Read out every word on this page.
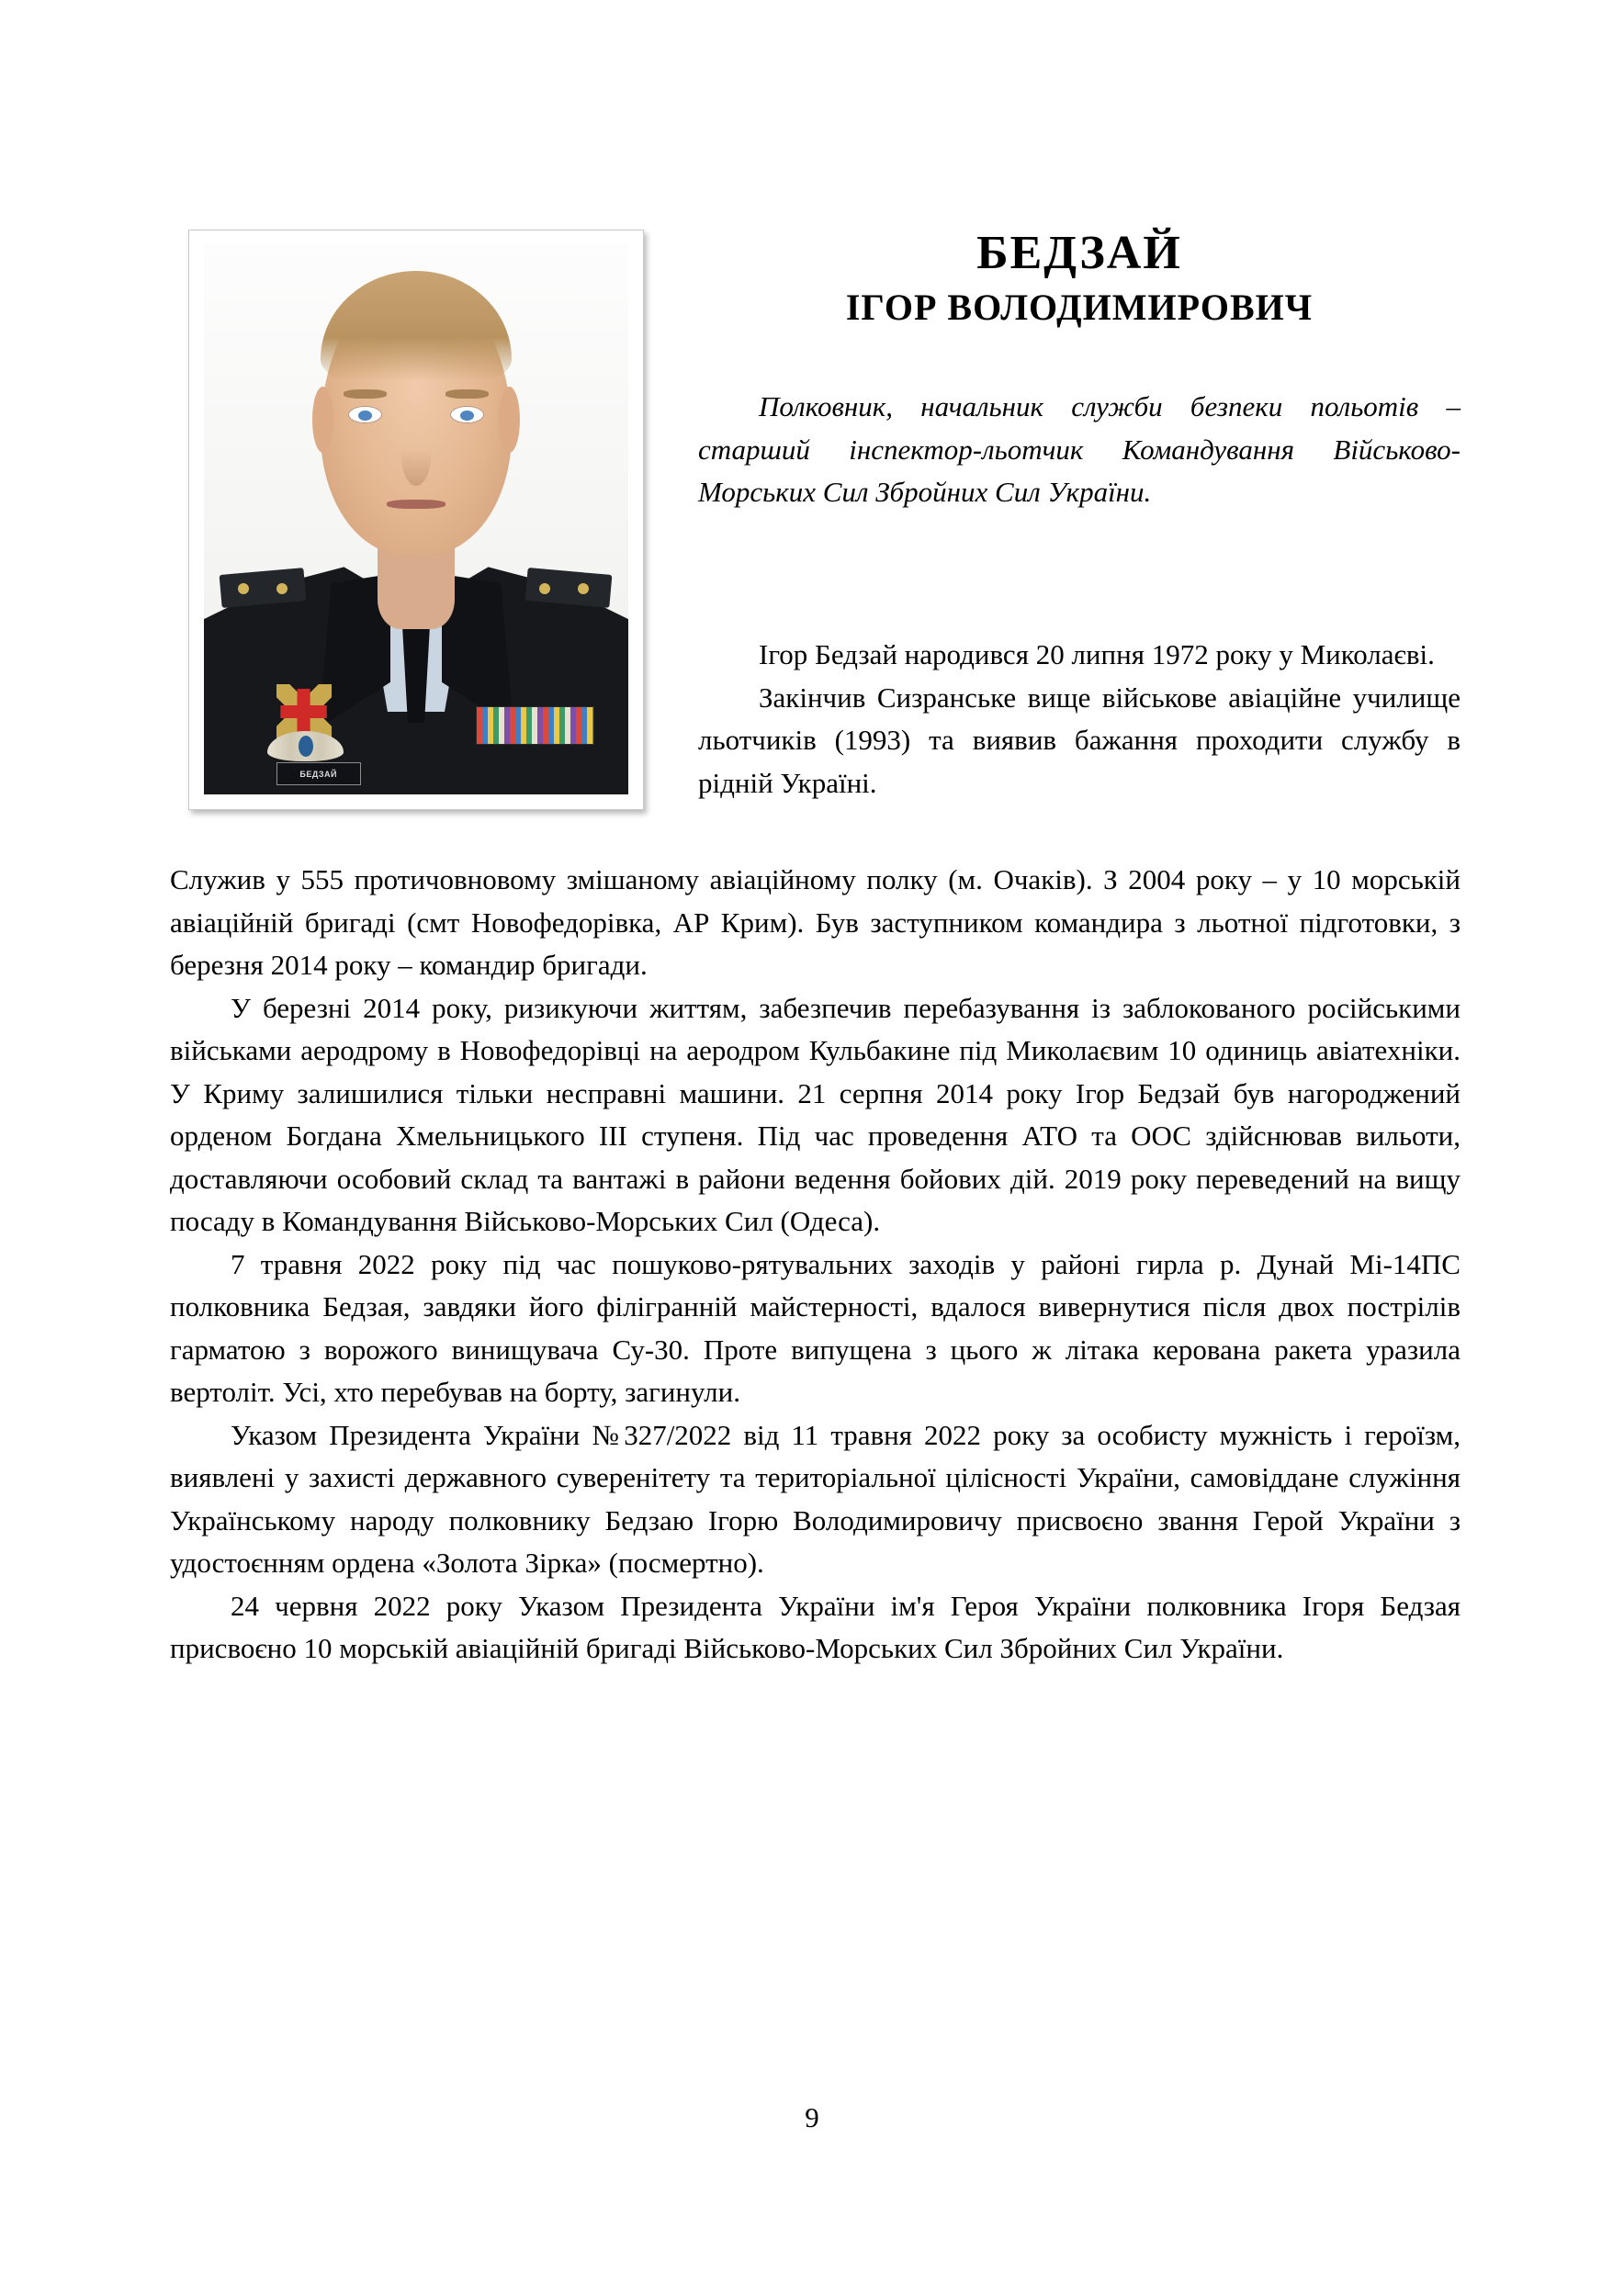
БЕДЗАЙ
БЕДЗАЙ
ІГОР ВОЛОДИМИРОВИЧ

Полковник, начальник служби безпеки польотів – старший інспектор-льотчик Командування Військово-Морських Сил Збройних Сил України.

Ігор Бедзай народився 20 липня 1972 року у Миколаєві.

Закінчив Сизранське вище військове авіаційне училище льотчиків (1993) та виявив бажання проходити службу в рідній Україні.

Служив у 555 протичовновому змішаному авіаційному полку (м. Очаків). З 2004 року – у 10 морській авіаційній бригаді (смт Новофедорівка, АР Крим). Був заступником командира з льотної підготовки, з березня 2014 року – командир бригади.

У березні 2014 року, ризикуючи життям, забезпечив перебазування із заблокованого російськими військами аеродрому в Новофедорівці на аеродром Кульбакине під Миколаєвим 10 одиниць авіатехніки. У Криму залишилися тільки несправні машини. 21 серпня 2014 року Ігор Бедзай був нагороджений орденом Богдана Хмельницького III ступеня. Під час проведення АТО та ООС здійснював вильоти, доставляючи особовий склад та вантажі в райони ведення бойових дій. 2019 року переведений на вищу посаду в Командування Військово-Морських Сил (Одеса).

7 травня 2022 року під час пошуково-рятувальних заходів у районі гирла р. Дунай Мі-14ПС полковника Бедзая, завдяки його філігранній майстерності, вдалося вивернутися після двох пострілів гарматою з ворожого винищувача Су-30. Проте випущена з цього ж літака керована ракета уразила вертоліт. Усі, хто перебував на борту, загинули.

Указом Президента України №327/2022 від 11 травня 2022 року за особисту мужність і героїзм, виявлені у захисті державного суверенітету та територіальної цілісності України, самовіддане служіння Українському народу полковнику Бедзаю Ігорю Володимировичу присвоєно звання Герой України з удостоєнням ордена «Золота Зірка» (посмертно).

24 червня 2022 року Указом Президента України ім'я Героя України полковника Ігоря Бедзая присвоєно 10 морській авіаційній бригаді Військово-Морських Сил Збройних Сил України.

9
